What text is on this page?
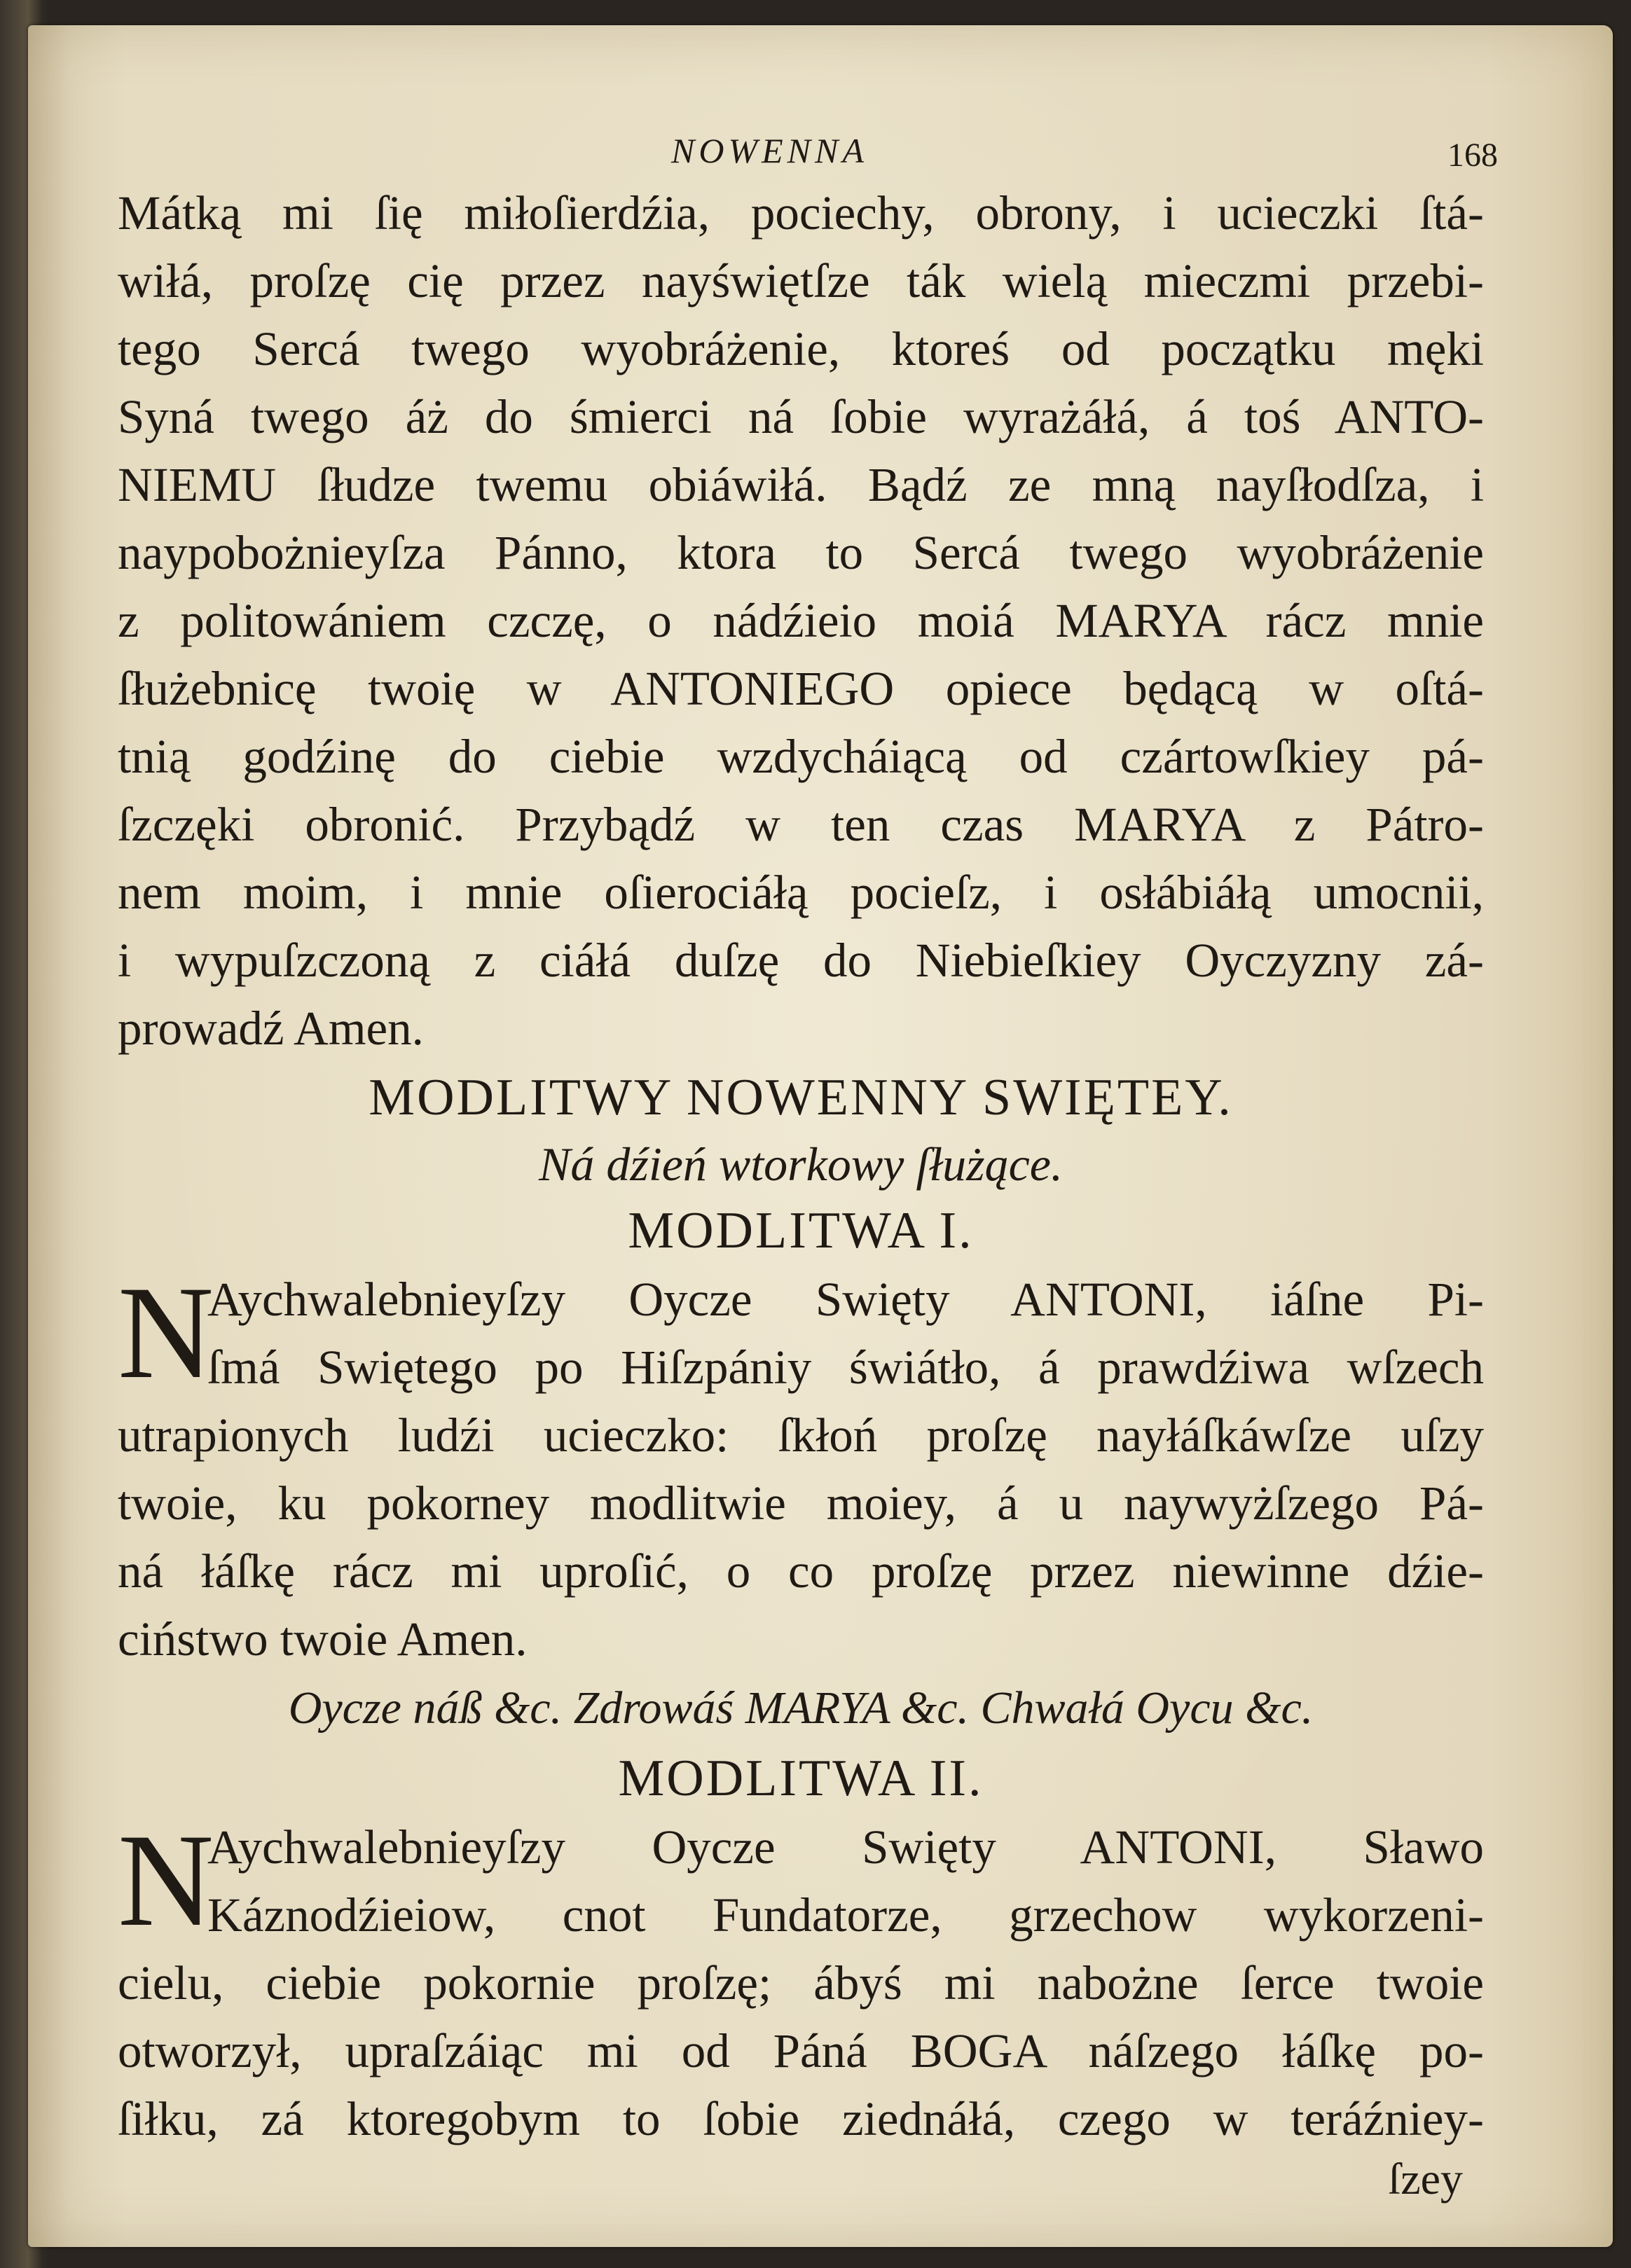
NOWENNA	168
Mátką mi ſię miłoſierdźia, pociechy, obrony, i ucieczki ſtá-
wiłá, proſzę cię przez nayświętſze ták wielą mieczmi przebi-
tego Sercá twego wyobráżenie, ktoreś od początku męki
Syná twego áż do śmierci ná ſobie wyrażáłá, á toś ANTO-
NIEMU ſłudze twemu obiáwiłá. Bądź ze mną nayſłodſza, i
naypobożnieyſza Pánno, ktora to Sercá twego wyobráżenie
z politowániem czczę, o nádźieio moiá MARYA rácz mnie
ſłużebnicę twoię w ANTONIEGO opiece będącą w oſtá-
tnią godźinę do ciebie wzdycháiącą od czártowſkiey pá-
ſzczęki obronić. Przybądź w ten czas MARYA z Pátro-
nem moim, i mnie oſierociáłą pocieſz, i osłábiáłą umocnii,
i wypuſzczoną z ciáłá duſzę do Niebieſkiey Oyczyzny zá-
prowadź Amen.
MODLITWY NOWENNY SWIĘTEY.
Ná dźień wtorkowy ſłużące.
MODLITWA I.
N
Aychwalebnieyſzy Oycze Swięty ANTONI, iáſne Pi-
ſmá Swiętego po Hiſzpániy świátło, á prawdźiwa wſzech
utrapionych ludźi ucieczko: ſkłoń proſzę nayłáſkáwſze uſzy
twoie, ku pokorney modlitwie moiey, á u naywyżſzego Pá-
ná łáſkę rácz mi uproſić, o co proſzę przez niewinne dźie-
ciństwo twoie Amen.
Oycze náß &c. Zdrowáś MARYA &c. Chwałá Oycu &c.
MODLITWA II.
N
Aychwalebnieyſzy Oycze Swięty ANTONI, Sławo
Káznodźieiow, cnot Fundatorze, grzechow wykorzeni-
cielu, ciebie pokornie proſzę; ábyś mi nabożne ſerce twoie
otworzył, upraſzáiąc mi od Páná BOGA náſzego łáſkę po-
ſiłku, zá ktoregobym to ſobie ziednáłá, czego w teráźniey-
ſzey
